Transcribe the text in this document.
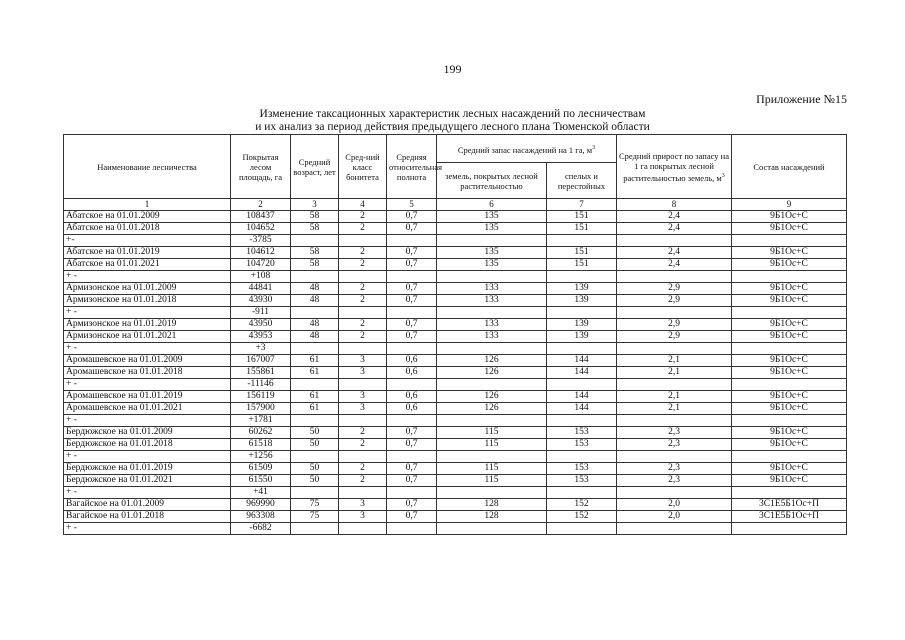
199
Приложение №15
Изменение таксационных характеристик лесных насаждений по лесничествам
и их анализ за период действия предыдущего лесного плана Тюменской области
Наименование лесничества	Покрытая лесом площадь, га	Средний возраст, лет	Сред-ний класс бонитета	Средняя относительная полнота	Средний запас насаждений на 1 га, $м^3$		Средний прирост по запасу на 1 га покрытых лесной растительностью земель, $м^3$	Состав насаждений
					земель, покрытых лесной растительностью	спелых и перестойных		
1	2	3	4	5	6	7	8	9
Абатское на 01.01.2009	108437	58	2	0,7	135	151	2,4	9Б1Ос+С
Абатское на 01.01.2018	104652	58	2	0,7	135	151	2,4	9Б1Ос+С
+-	-3785							
Абатское на 01.01.2019	104612	58	2	0,7	135	151	2,4	9Б1Ос+С
Абатское на 01.01.2021	104720	58	2	0,7	135	151	2,4	9Б1Ос+С
+ -	+108							
Армизонское на 01.01.2009	44841	48	2	0,7	133	139	2,9	9Б1Ос+С
Армизонское на 01.01.2018	43930	48	2	0,7	133	139	2,9	9Б1Ос+С
+ -	-911							
Армизонское на 01.01.2019	43950	48	2	0,7	133	139	2,9	9Б1Ос+С
Армизонское на 01.01.2021	43953	48	2	0,7	133	139	2,9	9Б1Ос+С
+ -	+3							
Аромашевское на 01.01.2009	167007	61	3	0,6	126	144	2,1	9Б1Ос+С
Аромашевское на 01.01.2018	155861	61	3	0,6	126	144	2,1	9Б1Ос+С
+ -	-11146							
Аромашевское на 01.01.2019	156119	61	3	0,6	126	144	2,1	9Б1Ос+С
Аромашевское на 01.01.2021	157900	61	3	0,6	126	144	2,1	9Б1Ос+С
+ -	+1781							
Бердюжское на 01.01.2009	60262	50	2	0,7	115	153	2,3	9Б1Ос+С
Бердюжское на 01.01.2018	61518	50	2	0,7	115	153	2,3	9Б1Ос+С
+ -	+1256							
Бердюжское на 01.01.2019	61509	50	2	0,7	115	153	2,3	9Б1Ос+С
Бердюжское на 01.01.2021	61550	50	2	0,7	115	153	2,3	9Б1Ос+С
+ -	+41							
Вагайское на 01.01.2009	969990	75	3	0,7	128	152	2,0	3С1Е5Б1Ос+П
Вагайское на 01.01.2018	963308	75	3	0,7	128	152	2,0	3С1Е5Б1Ос+П
+ -	-6682							
